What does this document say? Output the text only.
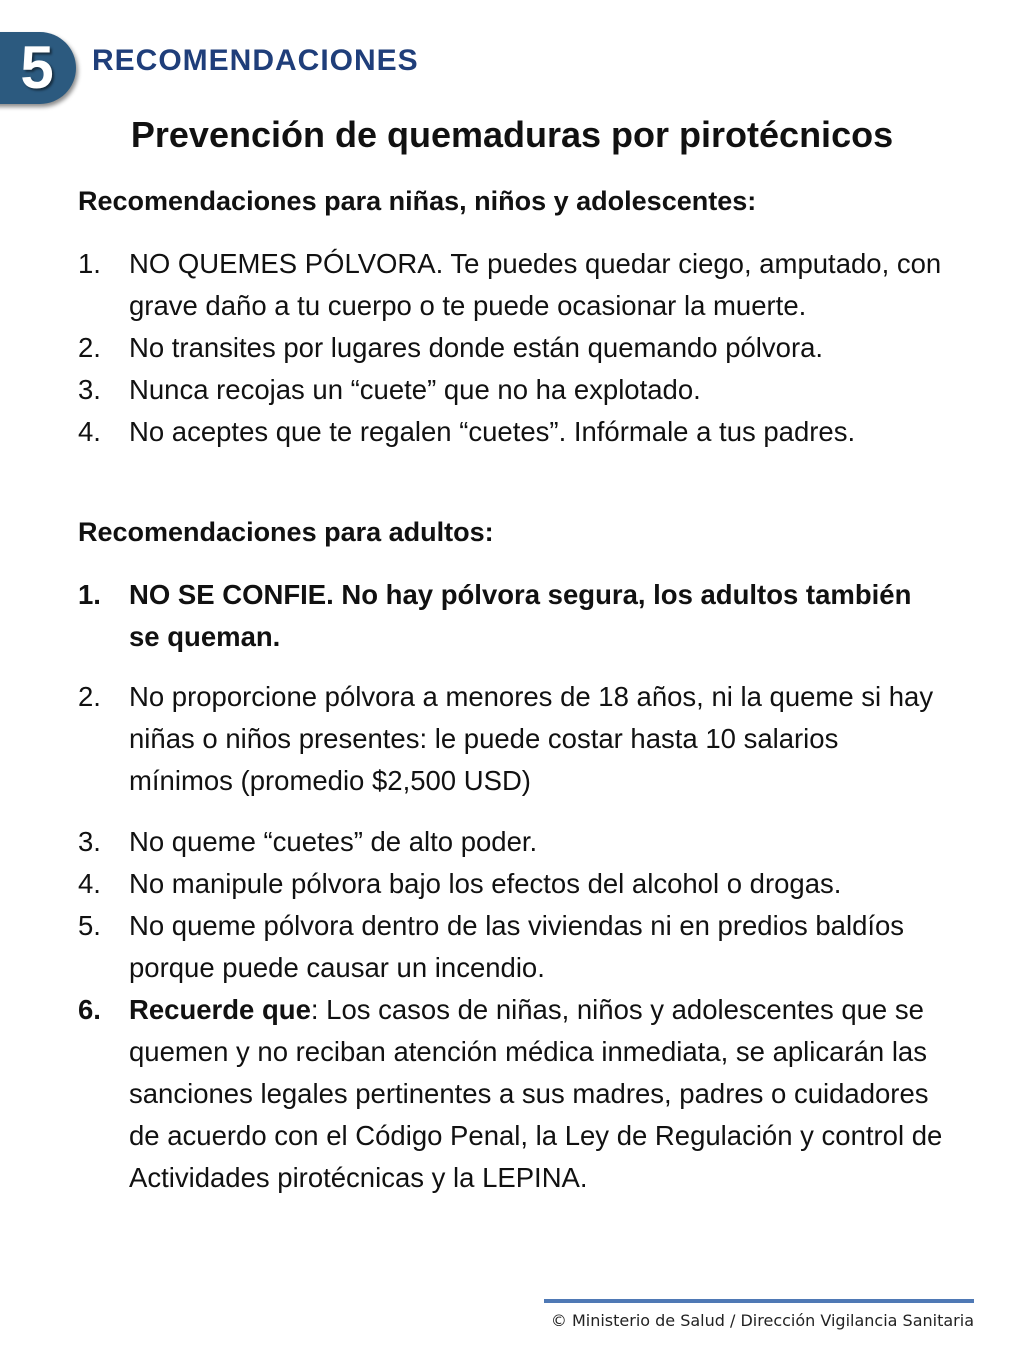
5 RECOMENDACIONES
Prevención de quemaduras por pirotécnicos
Recomendaciones para niñas, niños y adolescentes:
1. NO QUEMES PÓLVORA. Te puedes quedar ciego, amputado, con grave daño a tu cuerpo o te puede ocasionar la muerte.
2. No transites por lugares donde están quemando pólvora.
3. Nunca recojas un “cuete” que no ha explotado.
4. No aceptes que te regalen “cuetes”. Infórmale a tus padres.
Recomendaciones para adultos:
1. NO SE CONFIE. No hay pólvora segura, los adultos también se queman.
2. No proporcione pólvora a menores de 18 años, ni la queme si hay niñas o niños presentes: le puede costar hasta 10 salarios mínimos (promedio $2,500 USD)
3. No queme “cuetes” de alto poder.
4. No manipule pólvora bajo los efectos del alcohol o drogas.
5. No queme pólvora dentro de las viviendas ni en predios baldíos porque puede causar un incendio.
6. Recuerde que: Los casos de niñas, niños y adolescentes que se quemen y no reciban atención médica inmediata, se aplicarán las sanciones legales pertinentes a sus madres, padres o cuidadores de acuerdo con el Código Penal, la Ley de Regulación y control de Actividades pirotécnicas y la LEPINA.
© Ministerio de Salud / Dirección Vigilancia Sanitaria
